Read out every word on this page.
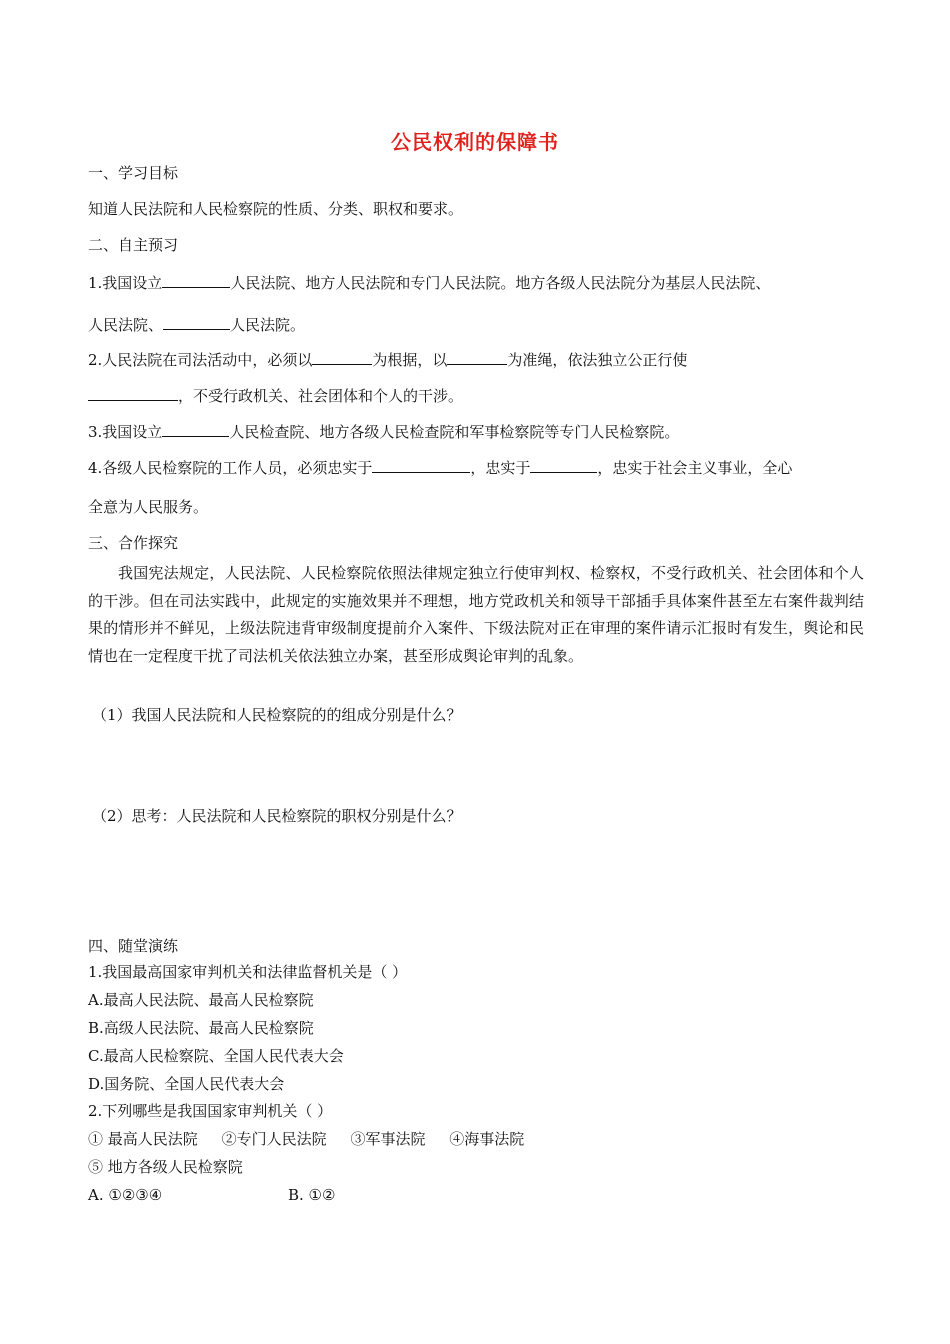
公民权利的保障书
一、学习目标
知道人民法院和人民检察院的性质、分类、职权和要求。
二、自主预习
1.我国设立	人民法院、地方人民法院和专门人民法院。地方各级人民法院分为基层人民法院、
人民法院、	人民法院。
2.人民法院在司法活动中，必须以	为根据，以	为准绳，依法独立公正行使
，不受行政机关、社会团体和个人的干涉。
3.我国设立	人民检查院、地方各级人民检查院和军事检察院等专门人民检察院。
4.各级人民检察院的工作人员，必须忠实于	，忠实于	，忠实于社会主义事业，全心
全意为人民服务。
三、合作探究
我国宪法规定，人民法院、人民检察院依照法律规定独立行使审判权、检察权，不受行政机关、社会团体和个人的干涉。但在司法实践中，此规定的实施效果并不理想，地方党政机关和领导干部插手具体案件甚至左右案件裁判结果的情形并不鲜见，上级法院违背审级制度提前介入案件、下级法院对正在审理的案件请示汇报时有发生，舆论和民情也在一定程度干扰了司法机关依法独立办案，甚至形成舆论审判的乱象。
（1）我国人民法院和人民检察院的的组成分别是什么？
（2）思考：人民法院和人民检察院的职权分别是什么？
四、随堂演练
1.我国最高国家审判机关和法律监督机关是（ ）
A.最高人民法院、最高人民检察院
B.高级人民法院、最高人民检察院
C.最高人民检察院、全国人民代表大会
D.国务院、全国人民代表大会
2.下列哪些是我国国家审判机关（ ）
① 最高人民法院     ②专门人民法院     ③军事法院     ④海事法院
⑤ 地方各级人民检察院
A. ①②③④	B. ①②
